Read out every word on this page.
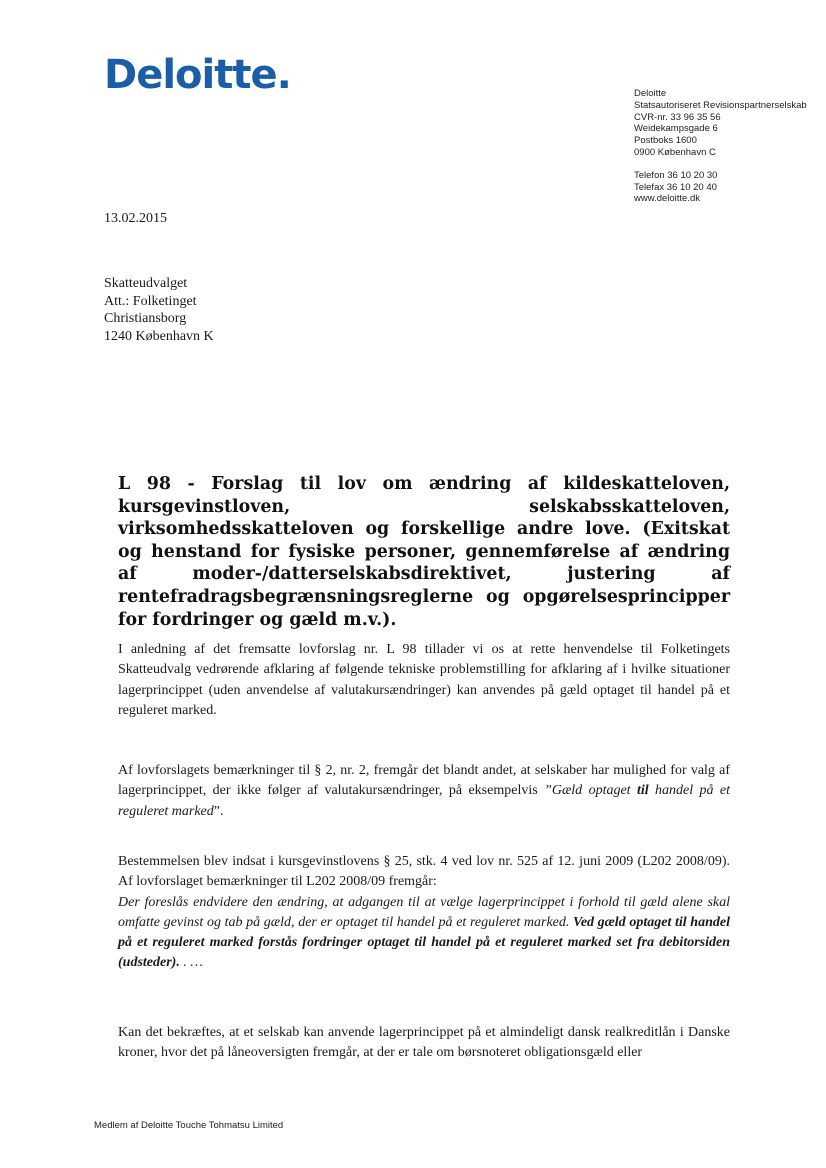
Deloitte.	Deloitte
Statsautoriseret Revisionspartnerselskab
CVR-nr. 33 96 35 56
Weidekampsgade 6
Postboks 1600
0900 København C
Telefon 36 10 20 30
Telefax 36 10 20 40
www.deloitte.dk
13.02.2015
Skatteudvalget
Att.: Folketinget
Christiansborg
1240 København K
L 98 - Forslag til lov om ændring af kildeskatteloven, kursgevinstloven, selskabsskatteloven, virksomhedsskatteloven og forskellige andre love. (Exitskat og henstand for fysiske personer, gennemførelse af ændring af moder-/datterselskabsdirektivet, justering af rentefradragsbegrænsningsreglerne og opgørelsesprincipper for fordringer og gæld m.v.).
I anledning af det fremsatte lovforslag nr. L 98 tillader vi os at rette henvendelse til Folketingets Skatteudvalg vedrørende afklaring af følgende tekniske problemstilling for afklaring af i hvilke situationer lagerprincippet (uden anvendelse af valutakursændringer) kan anvendes på gæld optaget til handel på et reguleret marked.
Af lovforslagets bemærkninger til § 2, nr. 2, fremgår det blandt andet, at selskaber har mulighed for valg af lagerprincippet, der ikke følger af valutakursændringer, på eksempelvis ”Gæld optaget til handel på et reguleret marked”.
Bestemmelsen blev indsat i kursgevinstlovens § 25, stk. 4 ved lov nr. 525 af 12. juni 2009 (L202 2008/09). Af lovforslaget bemærkninger til L202 2008/09 fremgår:
Der foreslås endvidere den ændring, at adgangen til at vælge lagerprincippet i forhold til gæld alene skal omfatte gevinst og tab på gæld, der er optaget til handel på et reguleret marked. Ved gæld optaget til handel på et reguleret marked forstås fordringer optaget til handel på et reguleret marked set fra debitorsiden (udsteder). . …
Kan det bekræftes, at et selskab kan anvende lagerprincippet på et almindeligt dansk realkreditlån i Danske kroner, hvor det på låneoversigten fremgår, at der er tale om børsnoteret obligationsgæld eller
Medlem af Deloitte Touche Tohmatsu Limited
